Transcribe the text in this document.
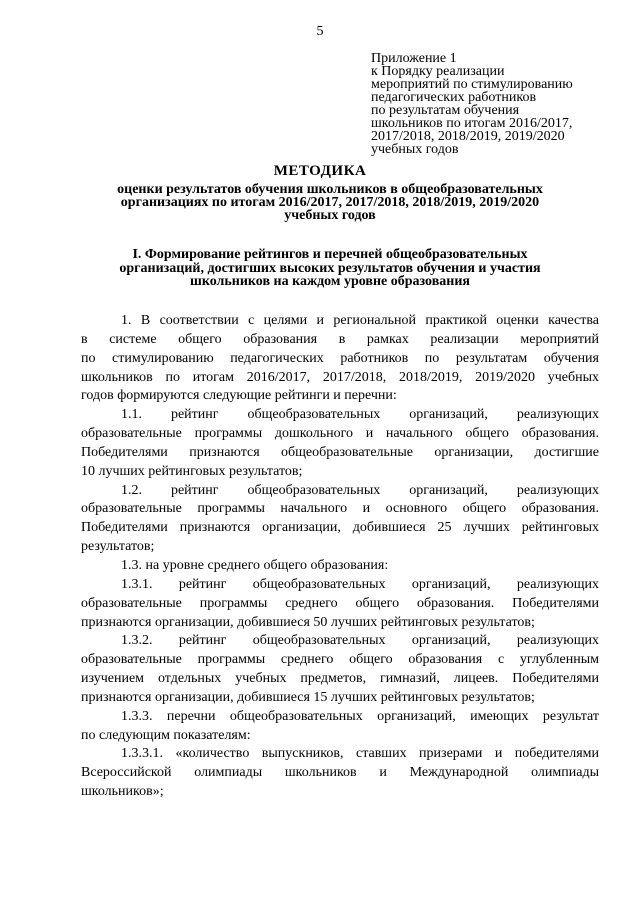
5
Приложение 1
к Порядку реализации
мероприятий по стимулированию
педагогических работников
по результатам обучения
школьников по итогам 2016/2017,
2017/2018, 2018/2019, 2019/2020
учебных годов
МЕТОДИКА
оценки результатов обучения школьников в общеобразовательных
организациях по итогам 2016/2017, 2017/2018, 2018/2019, 2019/2020
учебных годов
I. Формирование рейтингов и перечней общеобразовательных
организаций, достигших высоких результатов обучения и участия
школьников на каждом уровне образования
1. В соответствии с целями и региональной практикой оценки качества
в системе общего образования в рамках реализации мероприятий
по стимулированию педагогических работников по результатам обучения
школьников по итогам 2016/2017, 2017/2018, 2018/2019, 2019/2020 учебных
годов формируются следующие рейтинги и перечни:
1.1. рейтинг общеобразовательных организаций, реализующих
образовательные программы дошкольного и начального общего образования.
Победителями признаются общеобразовательные организации, достигшие
10 лучших рейтинговых результатов;
1.2. рейтинг общеобразовательных организаций, реализующих
образовательные программы начального и основного общего образования.
Победителями признаются организации, добившиеся 25 лучших рейтинговых
результатов;
1.3. на уровне среднего общего образования:
1.3.1. рейтинг общеобразовательных организаций, реализующих
образовательные программы среднего общего образования. Победителями
признаются организации, добившиеся 50 лучших рейтинговых результатов;
1.3.2. рейтинг общеобразовательных организаций, реализующих
образовательные программы среднего общего образования с углубленным
изучением отдельных учебных предметов, гимназий, лицеев. Победителями
признаются организации, добившиеся 15 лучших рейтинговых результатов;
1.3.3. перечни общеобразовательных организаций, имеющих результат
по следующим показателям:
1.3.3.1. «количество выпускников, ставших призерами и победителями
Всероссийской олимпиады школьников и Международной олимпиады
школьников»;
